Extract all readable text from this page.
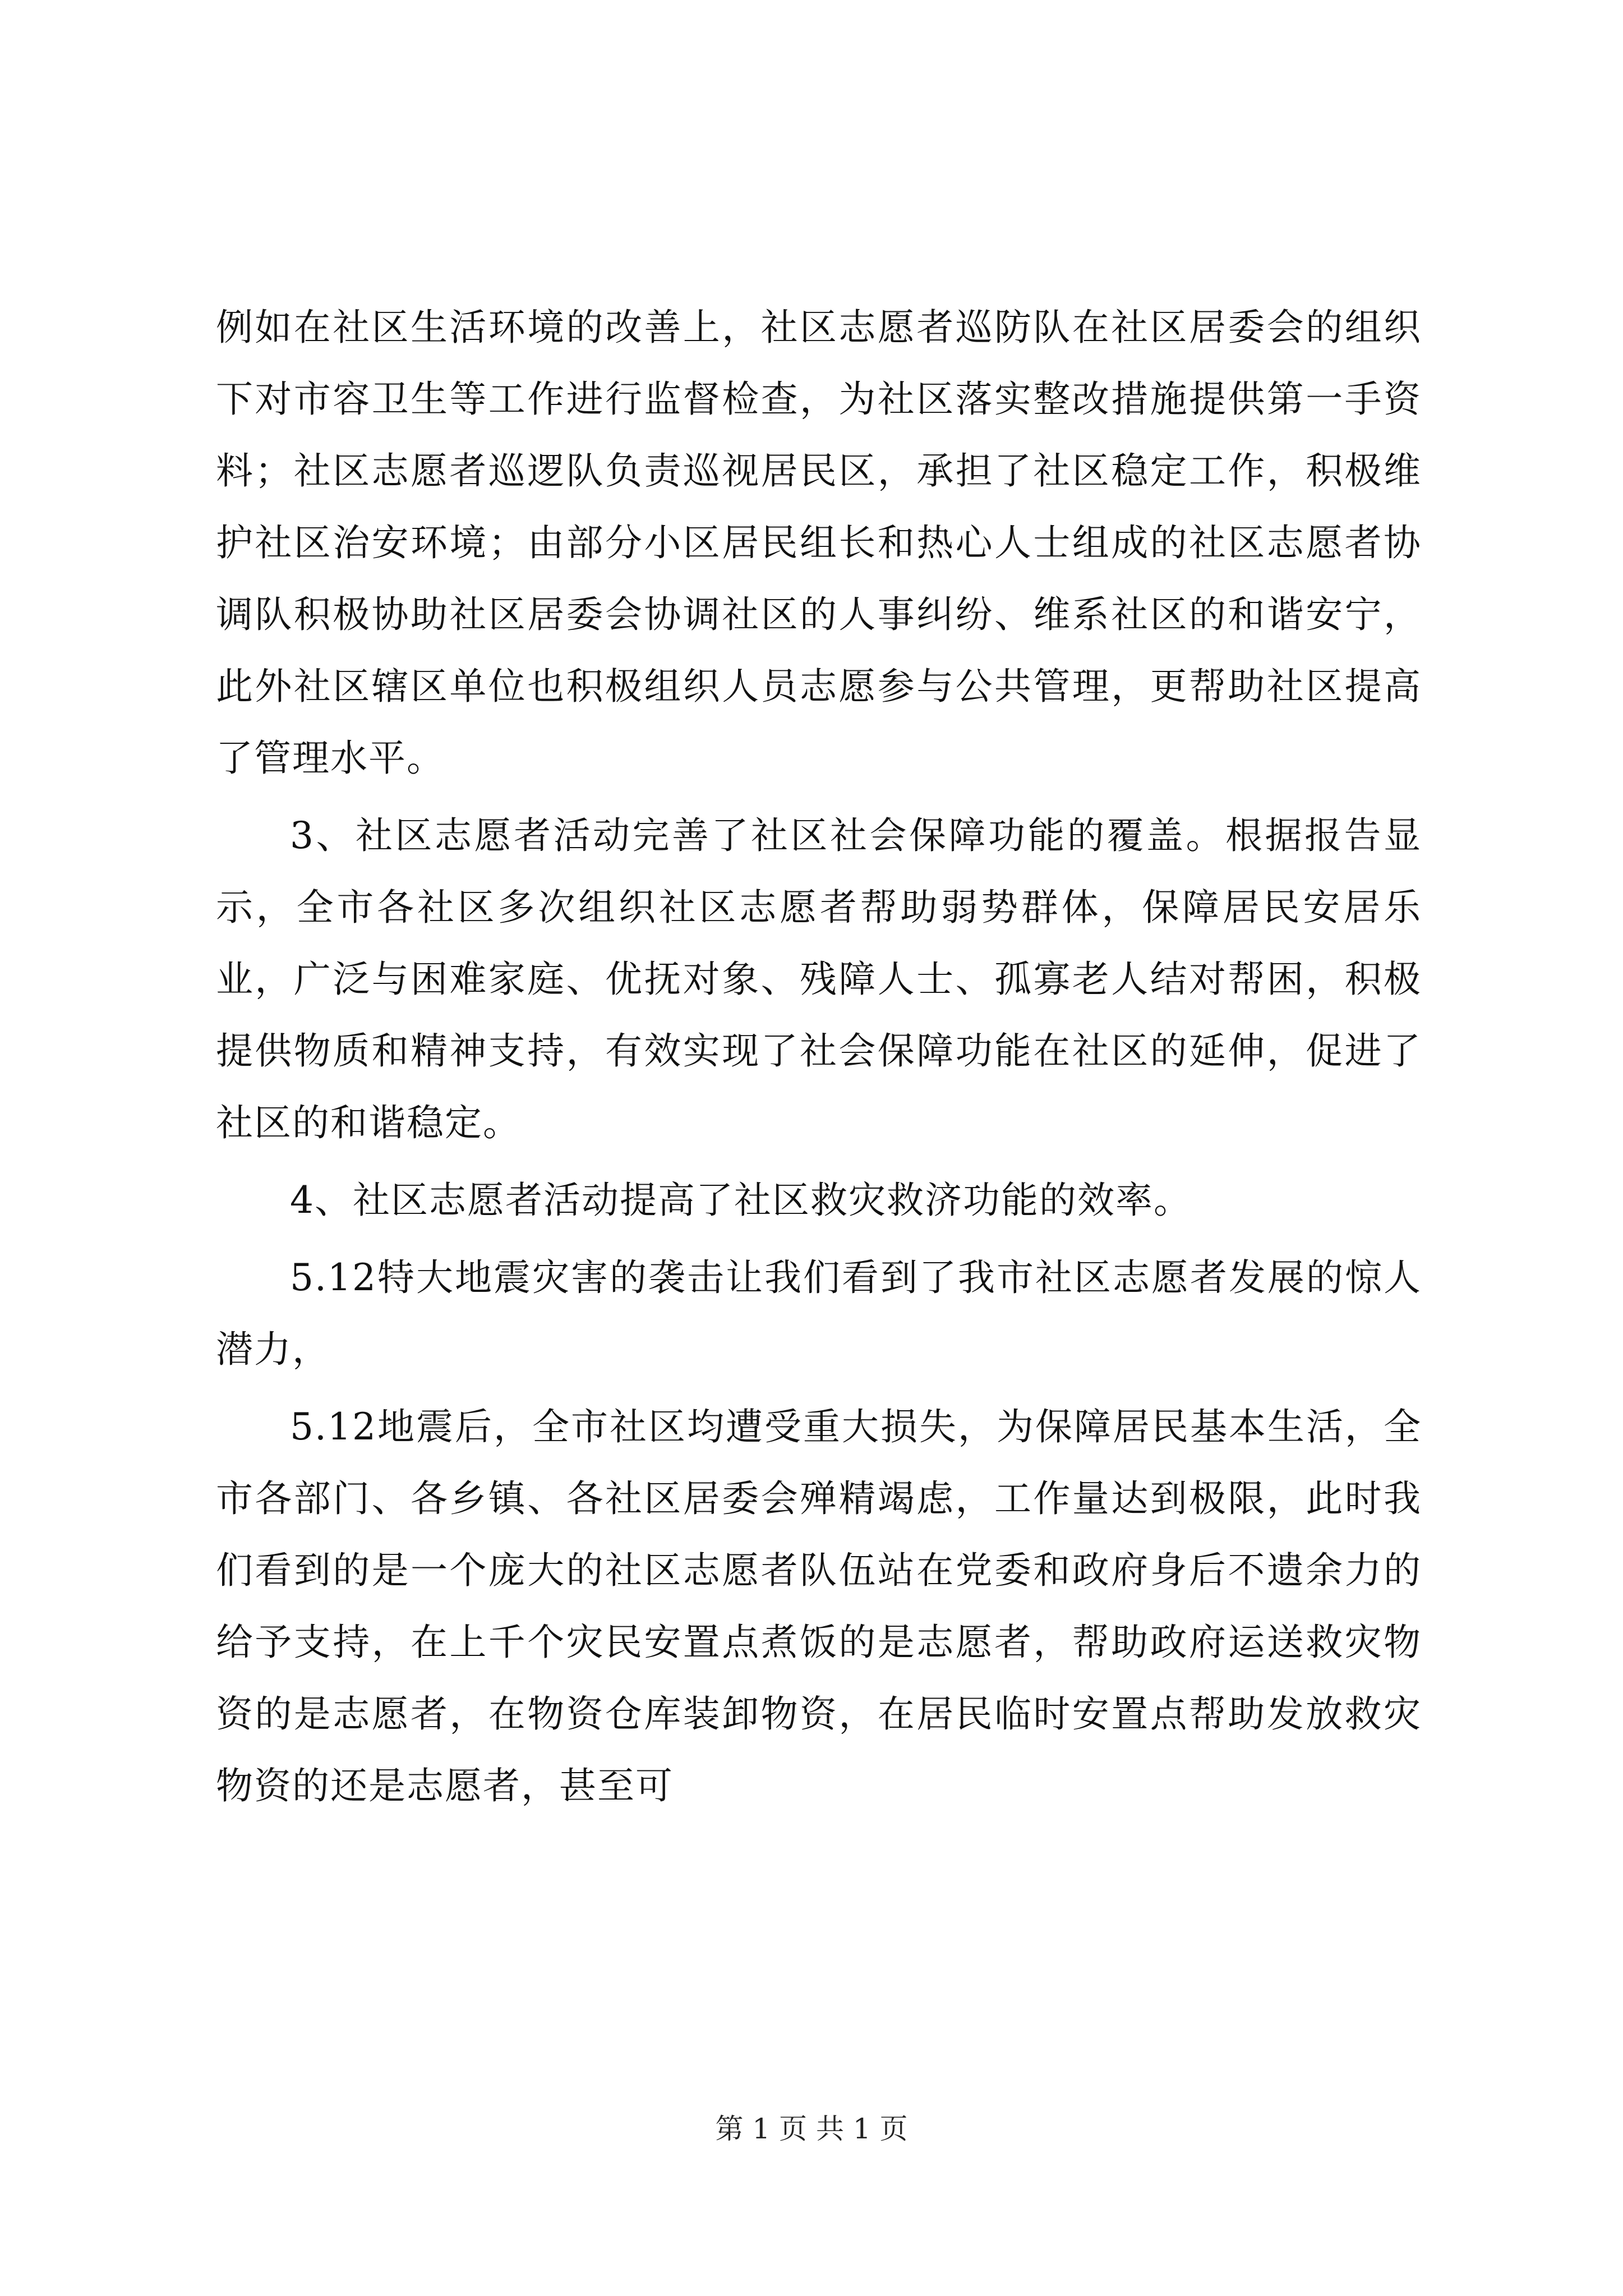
例如在社区生活环境的改善上，社区志愿者巡防队在社区居委会的组织下对市容卫生等工作进行监督检查，为社区落实整改措施提供第一手资料；社区志愿者巡逻队负责巡视居民区，承担了社区稳定工作，积极维护社区治安环境；由部分小区居民组长和热心人士组成的社区志愿者协调队积极协助社区居委会协调社区的人事纠纷、维系社区的和谐安宁，此外社区辖区单位也积极组织人员志愿参与公共管理，更帮助社区提高了管理水平。

3、社区志愿者活动完善了社区社会保障功能的覆盖。根据报告显示，全市各社区多次组织社区志愿者帮助弱势群体，保障居民安居乐业，广泛与困难家庭、优抚对象、残障人士、孤寡老人结对帮困，积极提供物质和精神支持，有效实现了社会保障功能在社区的延伸，促进了社区的和谐稳定。

4、社区志愿者活动提高了社区救灾救济功能的效率。

5.12特大地震灾害的袭击让我们看到了我市社区志愿者发展的惊人潜力，

5.12地震后，全市社区均遭受重大损失，为保障居民基本生活，全市各部门、各乡镇、各社区居委会殚精竭虑，工作量达到极限，此时我们看到的是一个庞大的社区志愿者队伍站在党委和政府身后不遗余力的给予支持，在上千个灾民安置点煮饭的是志愿者，帮助政府运送救灾物资的是志愿者，在物资仓库装卸物资，在居民临时安置点帮助发放救灾物资的还是志愿者，甚至可

第 1 页 共 1 页
